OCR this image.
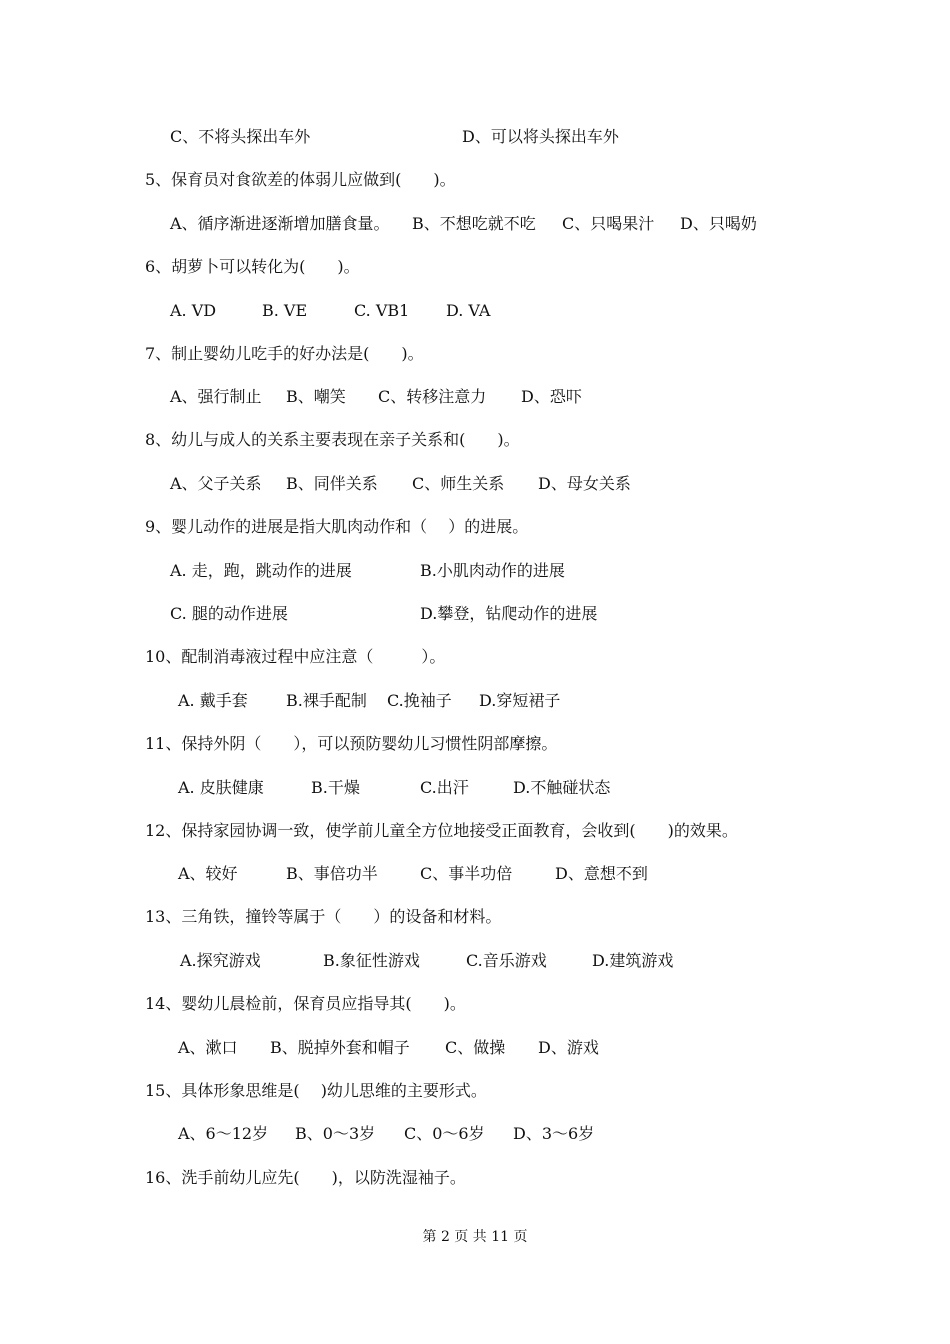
C、不将头探出车外	D、可以将头探出车外
5、保育员对食欲差的体弱儿应做到(　　)。
A、循序渐进逐渐增加膳食量。 B、不想吃就不吃 C、只喝果汁 D、只喝奶
6、胡萝卜可以转化为(　　)。
A. VD	B. VE	C. VB1 D. VA
7、制止婴幼儿吃手的好办法是(　　)。
A、强行制止 B、嘲笑 C、转移注意力 D、恐吓
8、幼儿与成人的关系主要表现在亲子关系和(　　)。
A、父子关系 B、同伴关系 C、师生关系 D、母女关系
9、婴儿动作的进展是指大肌肉动作和（　 ）的进展。
A. 走，跑，跳动作的进展	B.小肌肉动作的进展
C. 腿的动作进展	D.攀登，钻爬动作的进展
10、配制消毒液过程中应注意（　　　）。
A. 戴手套 B.裸手配制 C.挽袖子 D.穿短裙子
11、保持外阴（　　），可以预防婴幼儿习惯性阴部摩擦。
A. 皮肤健康	B.干燥	C.出汗	D.不触碰状态
12、保持家园协调一致，使学前儿童全方位地接受正面教育，会收到(　　)的效果。
A、较好	B、事倍功半	C、事半功倍	D、意想不到
13、三角铁，撞铃等属于（　　）的设备和材料。
A.探究游戏	B.象征性游戏	C.音乐游戏	D.建筑游戏
14、婴幼儿晨检前，保育员应指导其(　　)。
A、漱口 B、脱掉外套和帽子 C、做操 D、游戏
15、具体形象思维是(　 )幼儿思维的主要形式。
A、6～12岁 B、0～3岁 C、0～6岁 D、3～6岁
16、洗手前幼儿应先(　　)，以防洗湿袖子。
第 2 页 共 11 页
